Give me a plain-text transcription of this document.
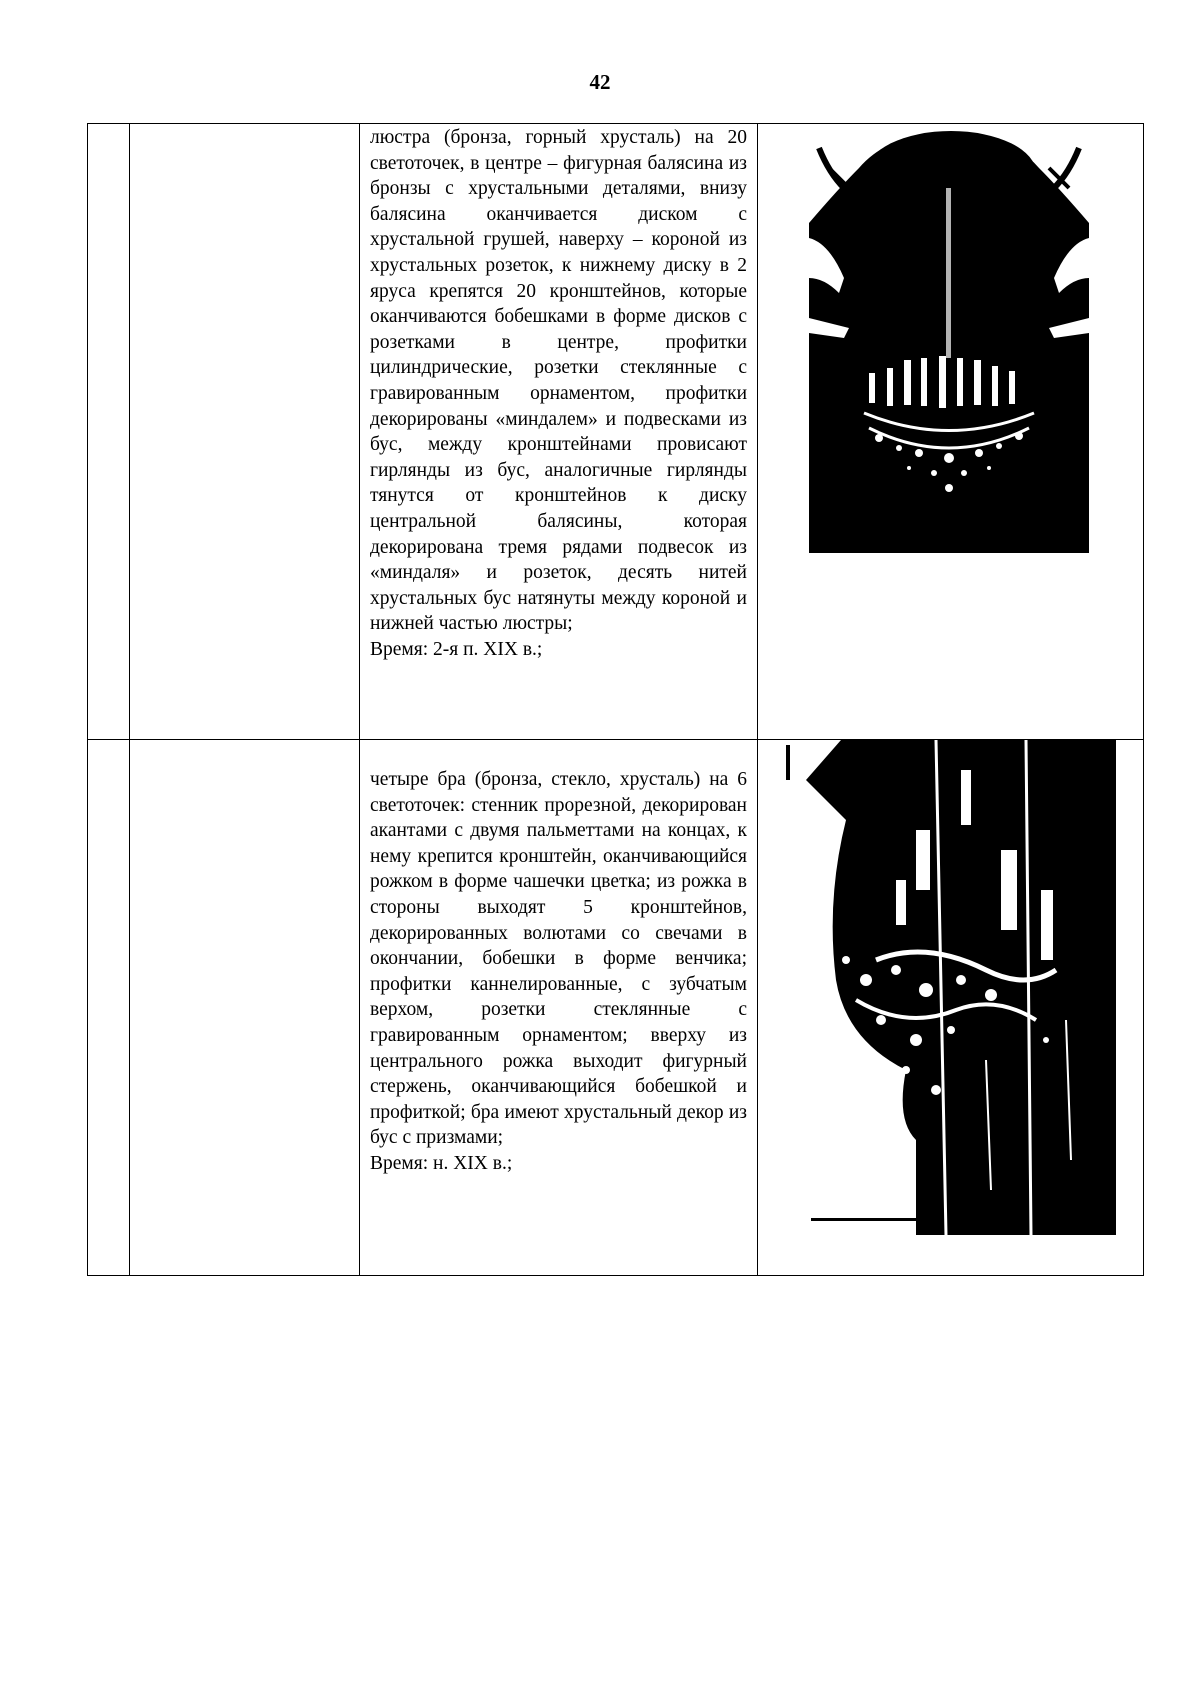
42

		люстра (бронза, горный хрусталь) на 20 светоточек, в центре – фигурная балясина из бронзы с хрустальными деталями, внизу балясина оканчивается диском с хрустальной грушей, наверху – короной из хрустальных розеток, к нижнему диску в 2 яруса крепятся 20 кронштейнов, которые оканчиваются бобешками в форме дисков с розетками в центре, профитки цилиндрические, розетки стеклянные с гравированным орнаментом, профитки декорированы «миндалем» и подвесками из бус, между кронштейнами провисают гирлянды из бус, аналогичные гирлянды тянутся от кронштейнов к диску центральной балясины, которая декорирована тремя рядами подвесок из «миндаля» и розеток, десять нитей хрустальных бус натянуты между короной и нижней частью люстры;
Время: 2-я п. XIX в.;

		четыре бра (бронза, стекло, хрусталь) на 6 светоточек: стенник прорезной, декорирован акантами с двумя пальметтами на концах, к нему крепится кронштейн, оканчивающийся рожком в форме чашечки цветка; из рожка в стороны выходят 5 кронштейнов, декорированных волютами со свечами в окончании, бобешки в форме венчика; профитки каннелированные, с зубчатым верхом, розетки стеклянные с гравированным орнаментом; вверху из центрального рожка выходит фигурный стержень, оканчивающийся бобешкой и профиткой; бра имеют хрустальный декор из бус с призмами;
Время: н. XIX в.;
